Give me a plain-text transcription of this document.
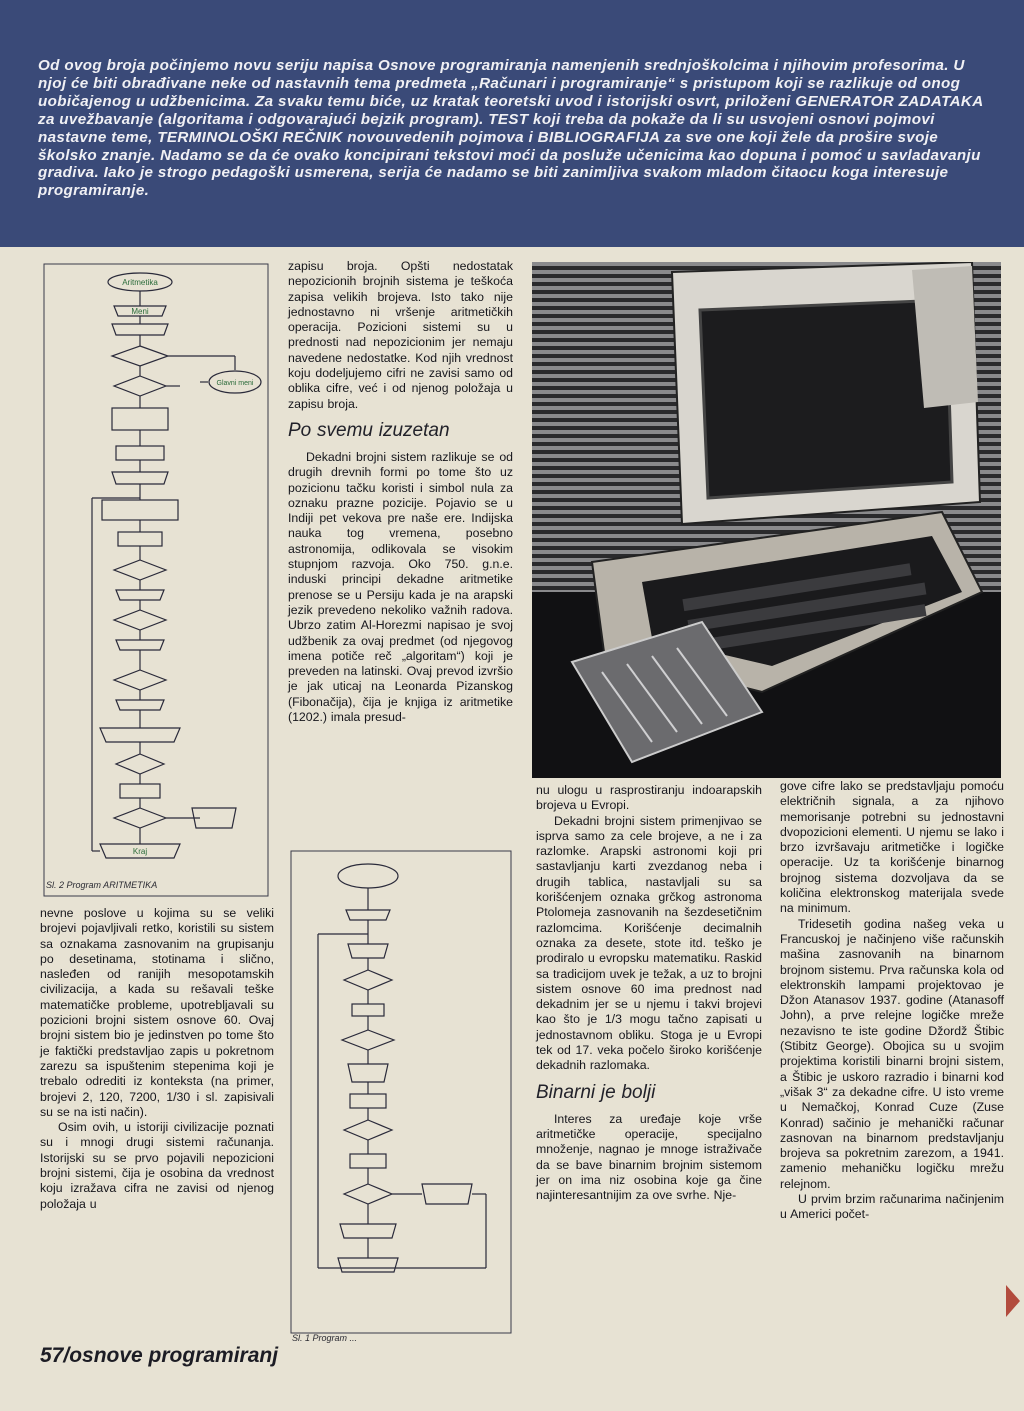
Od ovog broja počinjemo novu seriju napisa Osnove programiranja namenjenih srednjoškolcima i njihovim profesorima. U njoj će biti obrađivane neke od nastavnih tema predmeta „Računari i programiranje“ s pristupom koji se razlikuje od onog uobičajenog u udžbenicima. Za svaku temu biće, uz kratak teoretski uvod i istorijski osvrt, priloženi GENERATOR ZADATAKA za uvežbavanje (algoritama i odgovarajući bejzik program). TEST koji treba da pokaže da li su usvojeni osnovi pojmovi nastavne teme, TERMINOLOŠKI REČNIK novouvedenih pojmova i BIBLIOGRAFIJA za sve one koji žele da prošire svoje školsko znanje. Nadamo se da će ovako koncipirani tekstovi moći da posluže učenicima kao dopuna i pomoć u savladavanju gradiva. Iako je strogo pedagoški usmerena, serija će nadamo se biti zanimljiva svakom mladom čitaocu koga interesuje programiranje.

Aritmetika
Meni
Glavni meni
Kraj
Sl. 2 Program ARITMETIKA

nevne poslove u kojima su se veliki brojevi pojavljivali retko, koristili su sistem sa oznakama zasnovanim na grupisanju po desetinama, stotinama i slično, nasleđen od ranijih mesopotamskih civilizacija, a kada su rešavali teške matematičke probleme, upotrebljavali su pozicioni brojni sistem osnove 60. Ovaj brojni sistem bio je jedinstven po tome što je faktički predstavljao zapis u pokretnom zarezu sa ispuštenim stepenima koji je trebalo odrediti iz konteksta (na primer, brojevi 2, 120, 7200, 1/30 i sl. zapisivali su se na isti način).

Osim ovih, u istoriji civilizacije poznati su i mnogi drugi sistemi računanja. Istorijski su se prvo pojavili nepozicioni brojni sistemi, čija je osobina da vrednost koju izražava cifra ne zavisi od njenog položaja u

57/osnove programiranj

zapisu broja. Opšti nedostatak nepozicionih brojnih sistema je teškoća zapisa velikih brojeva. Isto tako nije jednostavno ni vršenje aritmetičkih operacija. Pozicioni sistemi su u prednosti nad nepozicionim jer nemaju navedene nedostatke. Kod njih vrednost koju dodeljujemo cifri ne zavisi samo od oblika cifre, već i od njenog položaja u zapisu broja.

Po svemu izuzetan

Dekadni brojni sistem razlikuje se od drugih drevnih formi po tome što uz pozicionu tačku koristi i simbol nula za oznaku prazne pozicije. Pojavio se u Indiji pet vekova pre naše ere. Indijska nauka tog vremena, posebno astronomija, odlikovala se visokim stupnjom razvoja. Oko 750. g.n.e. induski principi dekadne aritmetike prenose se u Persiju kada je na arapski jezik prevedeno nekoliko važnih radova. Ubrzo zatim Al-Horezmi napisao je svoj udžbenik za ovaj predmet (od njegovog imena potiče reč „algoritam“) koji je preveden na latinski. Ovaj prevod izvršio je jak uticaj na Leonarda Pizanskog (Fibonačija), čija je knjiga iz aritmetike (1202.) imala presud-

Sl. 1 Program ...

nu ulogu u rasprostiranju indoarapskih brojeva u Evropi.

Dekadni brojni sistem primenjivao se isprva samo za cele brojeve, a ne i za razlomke. Arapski astronomi koji pri sastavljanju karti zvezdanog neba i drugih tablica, nastavljali su sa korišćenjem oznaka grčkog astronoma Ptolomeja zasnovanih na šezdesetičnim razlomcima. Korišćenje decimalnih oznaka za desete, stote itd. teško je prodiralo u evropsku matematiku. Raskid sa tradicijom uvek je težak, a uz to brojni sistem osnove 60 ima prednost nad dekadnim jer se u njemu i takvi brojevi kao što je 1/3 mogu tačno zapisati u jednostavnom obliku. Stoga je u Evropi tek od 17. veka počelo široko korišćenje dekadnih razlomaka.

Binarni je bolji

Interes za uređaje koje vrše aritmetičke operacije, specijalno množenje, nagnao je mnoge istraživače da se bave binarnim brojnim sistemom jer on ima niz osobina koje ga čine najinteresantnijim za ove svrhe. Nje-

gove cifre lako se predstavljaju pomoću električnih signala, a za njihovo memorisanje potrebni su jednostavni dvopozicioni elementi. U njemu se lako i brzo izvršavaju aritmetičke i logičke operacije. Uz ta korišćenje binarnog brojnog sistema dozvoljava da se količina elektronskog materijala svede na minimum.

Tridesetih godina našeg veka u Francuskoj je načinjeno više računskih mašina zasnovanih na binarnom brojnom sistemu. Prva računska kola od elektronskih lampami projektovao je Džon Atanasov 1937. godine (Atanasoff John), a prve relejne logičke mreže nezavisno te iste godine Džordž Štibic (Stibitz George). Obojica su u svojim projektima koristili binarni brojni sistem, a Štibic je uskoro razradio i binarni kod „višak 3“ za dekadne cifre. U isto vreme u Nemačkoj, Konrad Cuze (Zuse Konrad) sačinio je mehanički računar zasnovan na binarnom predstavljanju brojeva sa pokretnim zarezom, a 1941. zamenio mehaničku logičku mrežu relejnom.

U prvim brzim računarima načinjenim u Americi počet-
